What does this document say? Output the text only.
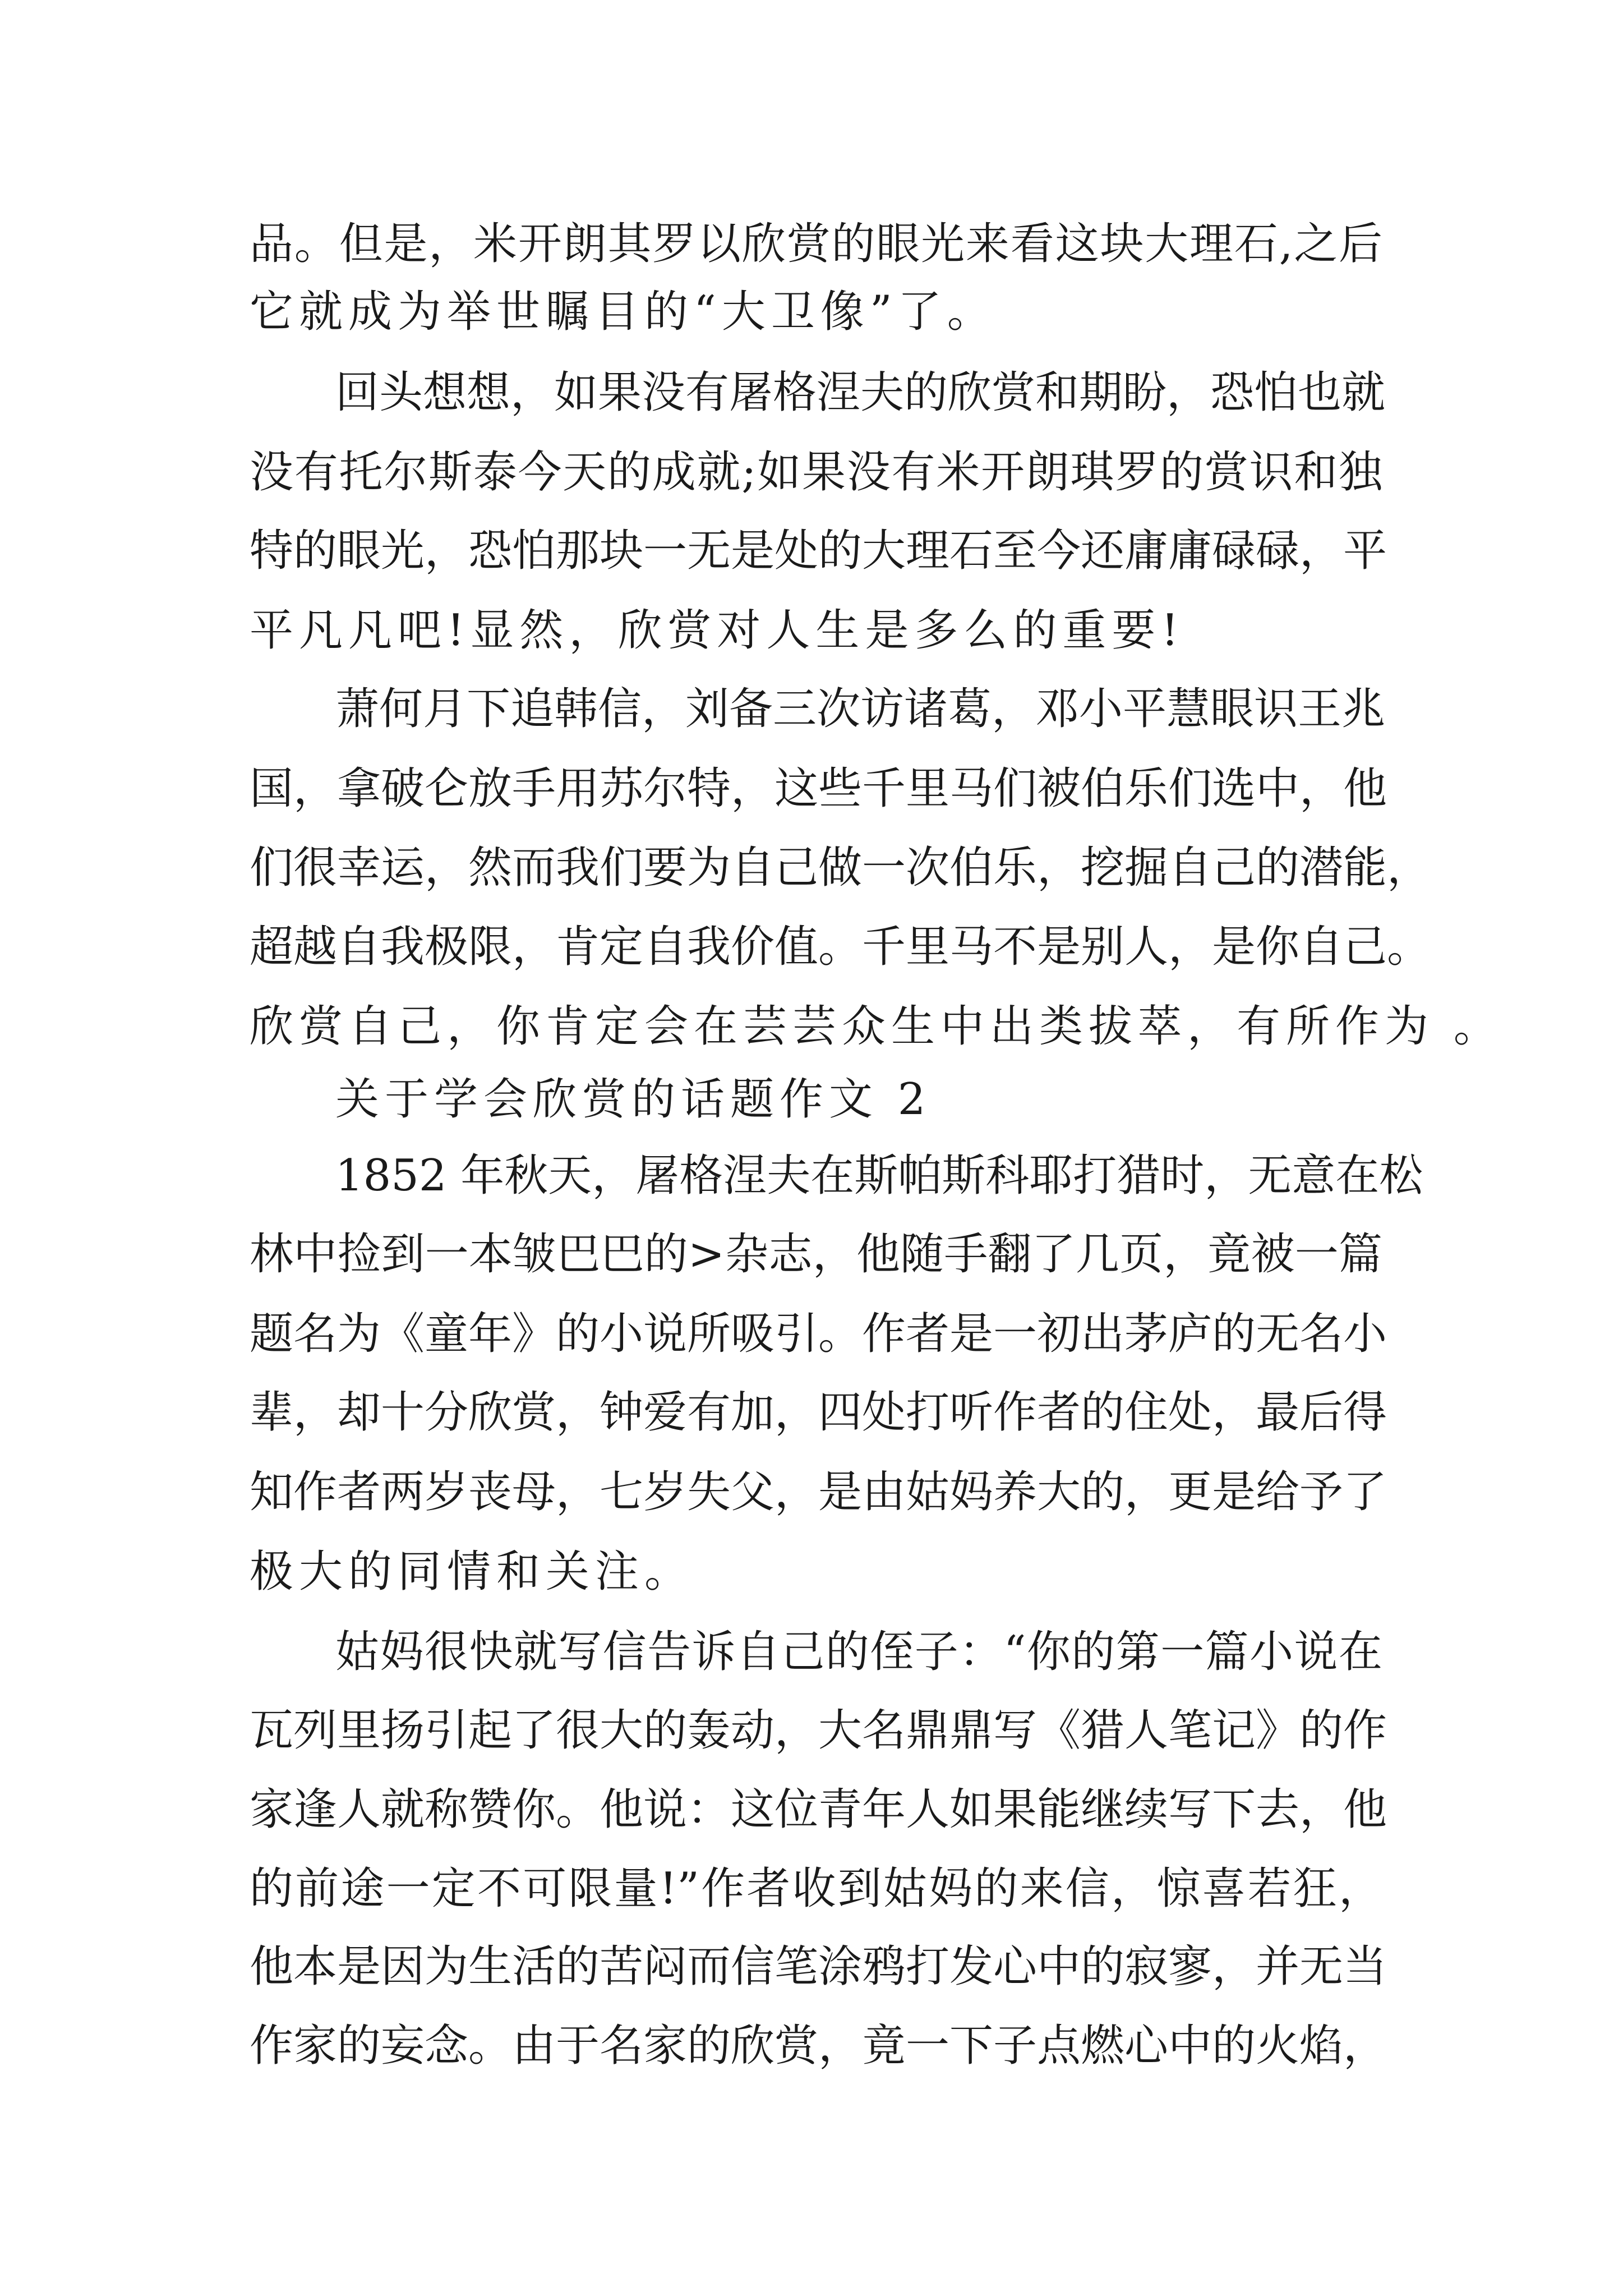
品。但是，米开朗其罗以欣赏的眼光来看这块大理石,之后
它就成为举世瞩目的“大卫像”了。
回头想想，如果没有屠格涅夫的欣赏和期盼，恐怕也就
没有托尔斯泰今天的成就;如果没有米开朗琪罗的赏识和独
特的眼光，恐怕那块一无是处的大理石至今还庸庸碌碌，平
平凡凡吧!显然，欣赏对人生是多么的重要!
萧何月下追韩信，刘备三次访诸葛，邓小平慧眼识王兆
国，拿破仑放手用苏尔特，这些千里马们被伯乐们选中，他
们很幸运，然而我们要为自己做一次伯乐，挖掘自己的潜能，
超越自我极限，肯定自我价值。千里马不是别人，是你自己。
欣赏自己，你肯定会在芸芸众生中出类拔萃，有所作为 。
关于学会欣赏的话题作文 2
1852 年秋天，屠格涅夫在斯帕斯科耶打猎时，无意在松
林中捡到一本皱巴巴的>杂志，他随手翻了几页，竟被一篇
题名为《童年》的小说所吸引。作者是一初出茅庐的无名小
辈，却十分欣赏，钟爱有加，四处打听作者的住处，最后得
知作者两岁丧母，七岁失父，是由姑妈养大的，更是给予了
极大的同情和关注。
姑妈很快就写信告诉自己的侄子：“你的第一篇小说在
瓦列里扬引起了很大的轰动，大名鼎鼎写《猎人笔记》的作
家逢人就称赞你。他说：这位青年人如果能继续写下去，他
的前途一定不可限量!”作者收到姑妈的来信，惊喜若狂，
他本是因为生活的苦闷而信笔涂鸦打发心中的寂寥，并无当
作家的妄念。由于名家的欣赏，竟一下子点燃心中的火焰，
